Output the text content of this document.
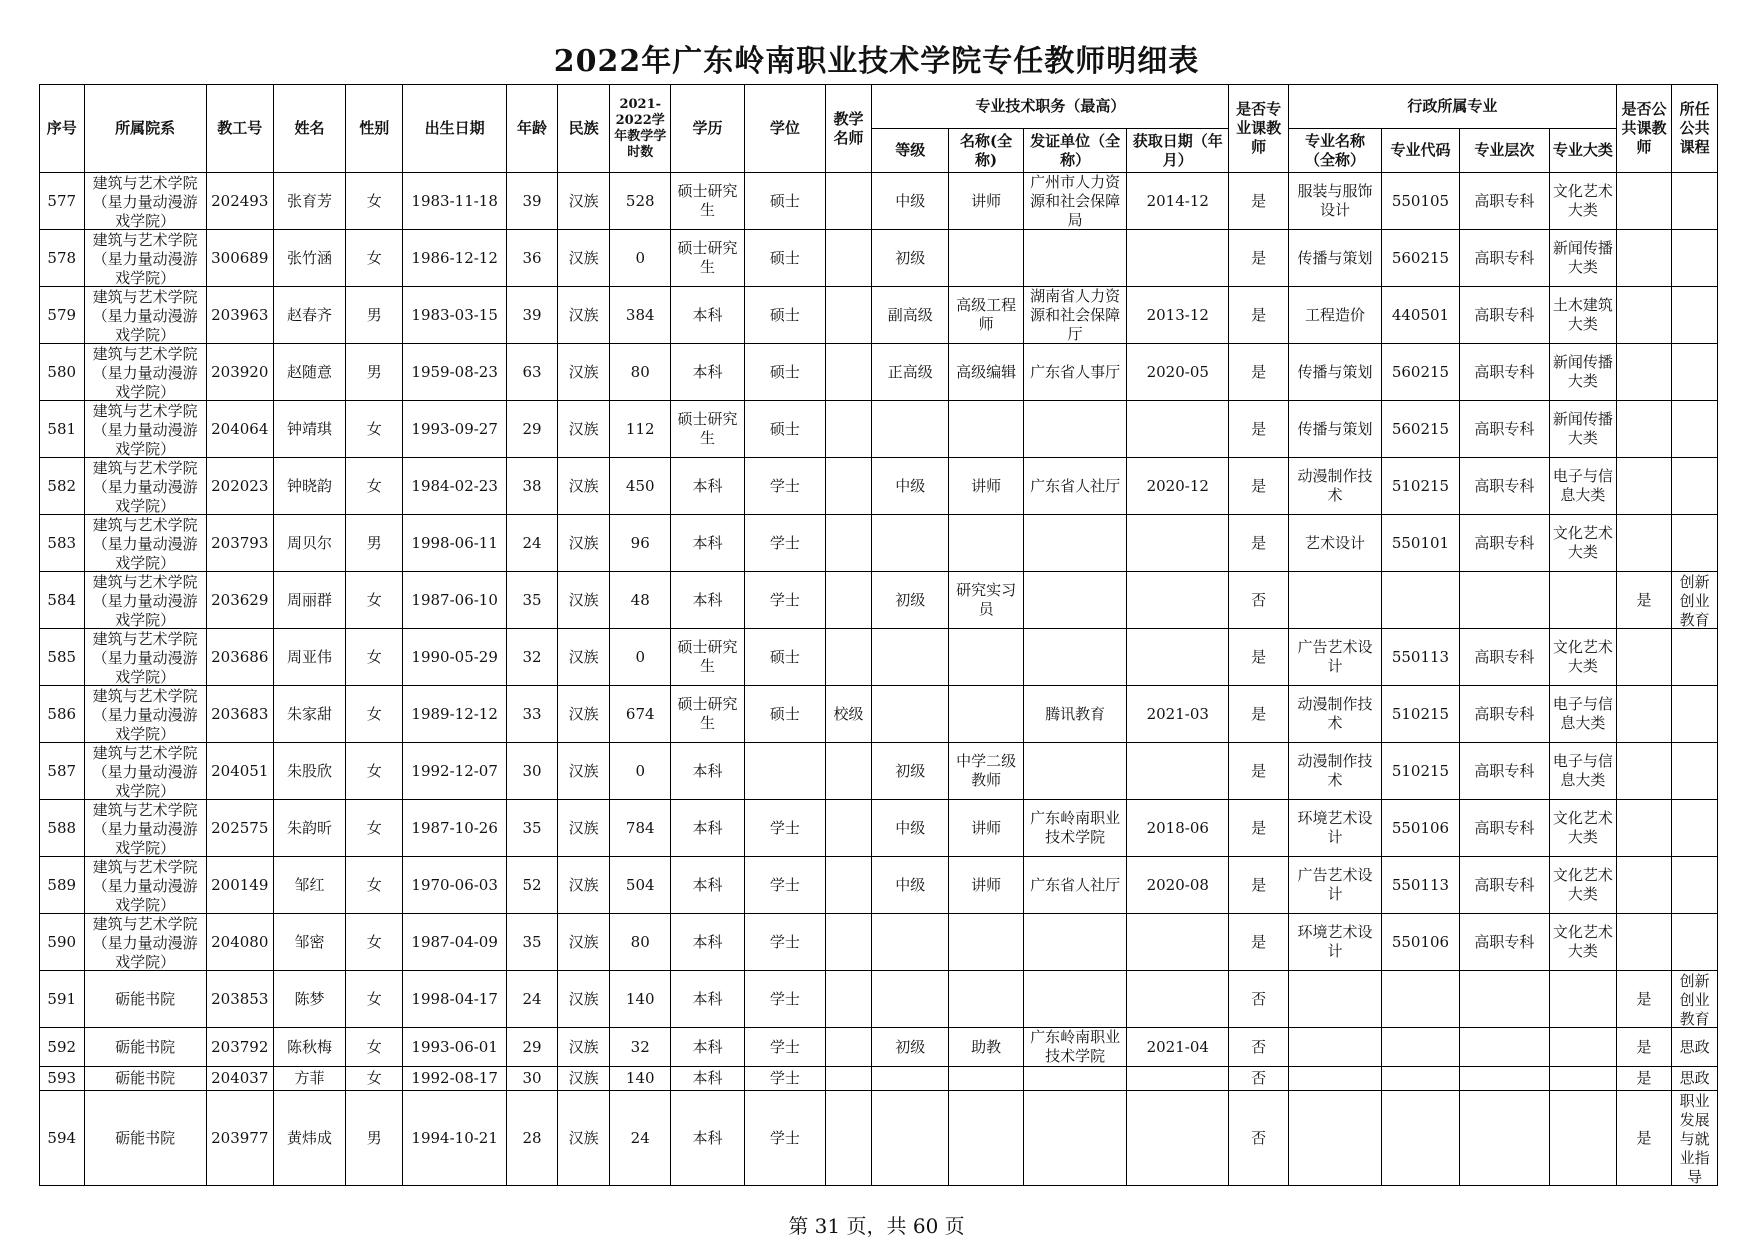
2022年广东岭南职业技术学院专任教师明细表
序号	所属院系	教工号	姓名	性别	出生日期	年龄	民族	2021-2022学年教学学时数	学历	学位	教学名师	专业技术职务（最高）				是否专业课教师	行政所属专业				是否公共课教师	所任公共课程
												等级	名称(全称)	发证单位（全称）	获取日期（年月）		专业名称（全称）	专业代码	专业层次	专业大类		

577	建筑与艺术学院（星力量动漫游戏学院）	202493	张育芳	女	1983-11-18	39	汉族	528	硕士研究生	硕士		中级	讲师	广州市人力资源和社会保障局	2014-12	是	服装与服饰设计	550105	高职专科	文化艺术大类		

578	建筑与艺术学院（星力量动漫游戏学院）	300689	张竹涵	女	1986-12-12	36	汉族	0	硕士研究生	硕士		初级				是	传播与策划	560215	高职专科	新闻传播大类		

579	建筑与艺术学院（星力量动漫游戏学院）	203963	赵春齐	男	1983-03-15	39	汉族	384	本科	硕士		副高级	高级工程师	湖南省人力资源和社会保障厅	2013-12	是	工程造价	440501	高职专科	土木建筑大类		

580	建筑与艺术学院（星力量动漫游戏学院）	203920	赵随意	男	1959-08-23	63	汉族	80	本科	硕士		正高级	高级编辑	广东省人事厅	2020-05	是	传播与策划	560215	高职专科	新闻传播大类		

581	建筑与艺术学院（星力量动漫游戏学院）	204064	钟靖琪	女	1993-09-27	29	汉族	112	硕士研究生	硕士						是	传播与策划	560215	高职专科	新闻传播大类		

582	建筑与艺术学院（星力量动漫游戏学院）	202023	钟晓韵	女	1984-02-23	38	汉族	450	本科	学士		中级	讲师	广东省人社厅	2020-12	是	动漫制作技术	510215	高职专科	电子与信息大类		

583	建筑与艺术学院（星力量动漫游戏学院）	203793	周贝尔	男	1998-06-11	24	汉族	96	本科	学士						是	艺术设计	550101	高职专科	文化艺术大类		

584	建筑与艺术学院（星力量动漫游戏学院）	203629	周丽群	女	1987-06-10	35	汉族	48	本科	学士		初级	研究实习员			否					是	创新创业教育

585	建筑与艺术学院（星力量动漫游戏学院）	203686	周亚伟	女	1990-05-29	32	汉族	0	硕士研究生	硕士						是	广告艺术设计	550113	高职专科	文化艺术大类		

586	建筑与艺术学院（星力量动漫游戏学院）	203683	朱家甜	女	1989-12-12	33	汉族	674	硕士研究生	硕士	校级			腾讯教育	2021-03	是	动漫制作技术	510215	高职专科	电子与信息大类		

587	建筑与艺术学院（星力量动漫游戏学院）	204051	朱股欣	女	1992-12-07	30	汉族	0	本科			初级	中学二级教师			是	动漫制作技术	510215	高职专科	电子与信息大类		

588	建筑与艺术学院（星力量动漫游戏学院）	202575	朱韵昕	女	1987-10-26	35	汉族	784	本科	学士		中级	讲师	广东岭南职业技术学院	2018-06	是	环境艺术设计	550106	高职专科	文化艺术大类		

589	建筑与艺术学院（星力量动漫游戏学院）	200149	邹红	女	1970-06-03	52	汉族	504	本科	学士		中级	讲师	广东省人社厅	2020-08	是	广告艺术设计	550113	高职专科	文化艺术大类		

590	建筑与艺术学院（星力量动漫游戏学院）	204080	邹密	女	1987-04-09	35	汉族	80	本科	学士						是	环境艺术设计	550106	高职专科	文化艺术大类		

591	砺能书院	203853	陈梦	女	1998-04-17	24	汉族	140	本科	学士						否					是	创新创业教育

592	砺能书院	203792	陈秋梅	女	1993-06-01	29	汉族	32	本科	学士		初级	助教	广东岭南职业技术学院	2021-04	否					是	思政

593	砺能书院	204037	方菲	女	1992-08-17	30	汉族	140	本科	学士						否					是	思政

594	砺能书院	203977	黄炜成	男	1994-10-21	28	汉族	24	本科	学士						否					是	职业发展与就业指导
第 31 页，共 60 页
